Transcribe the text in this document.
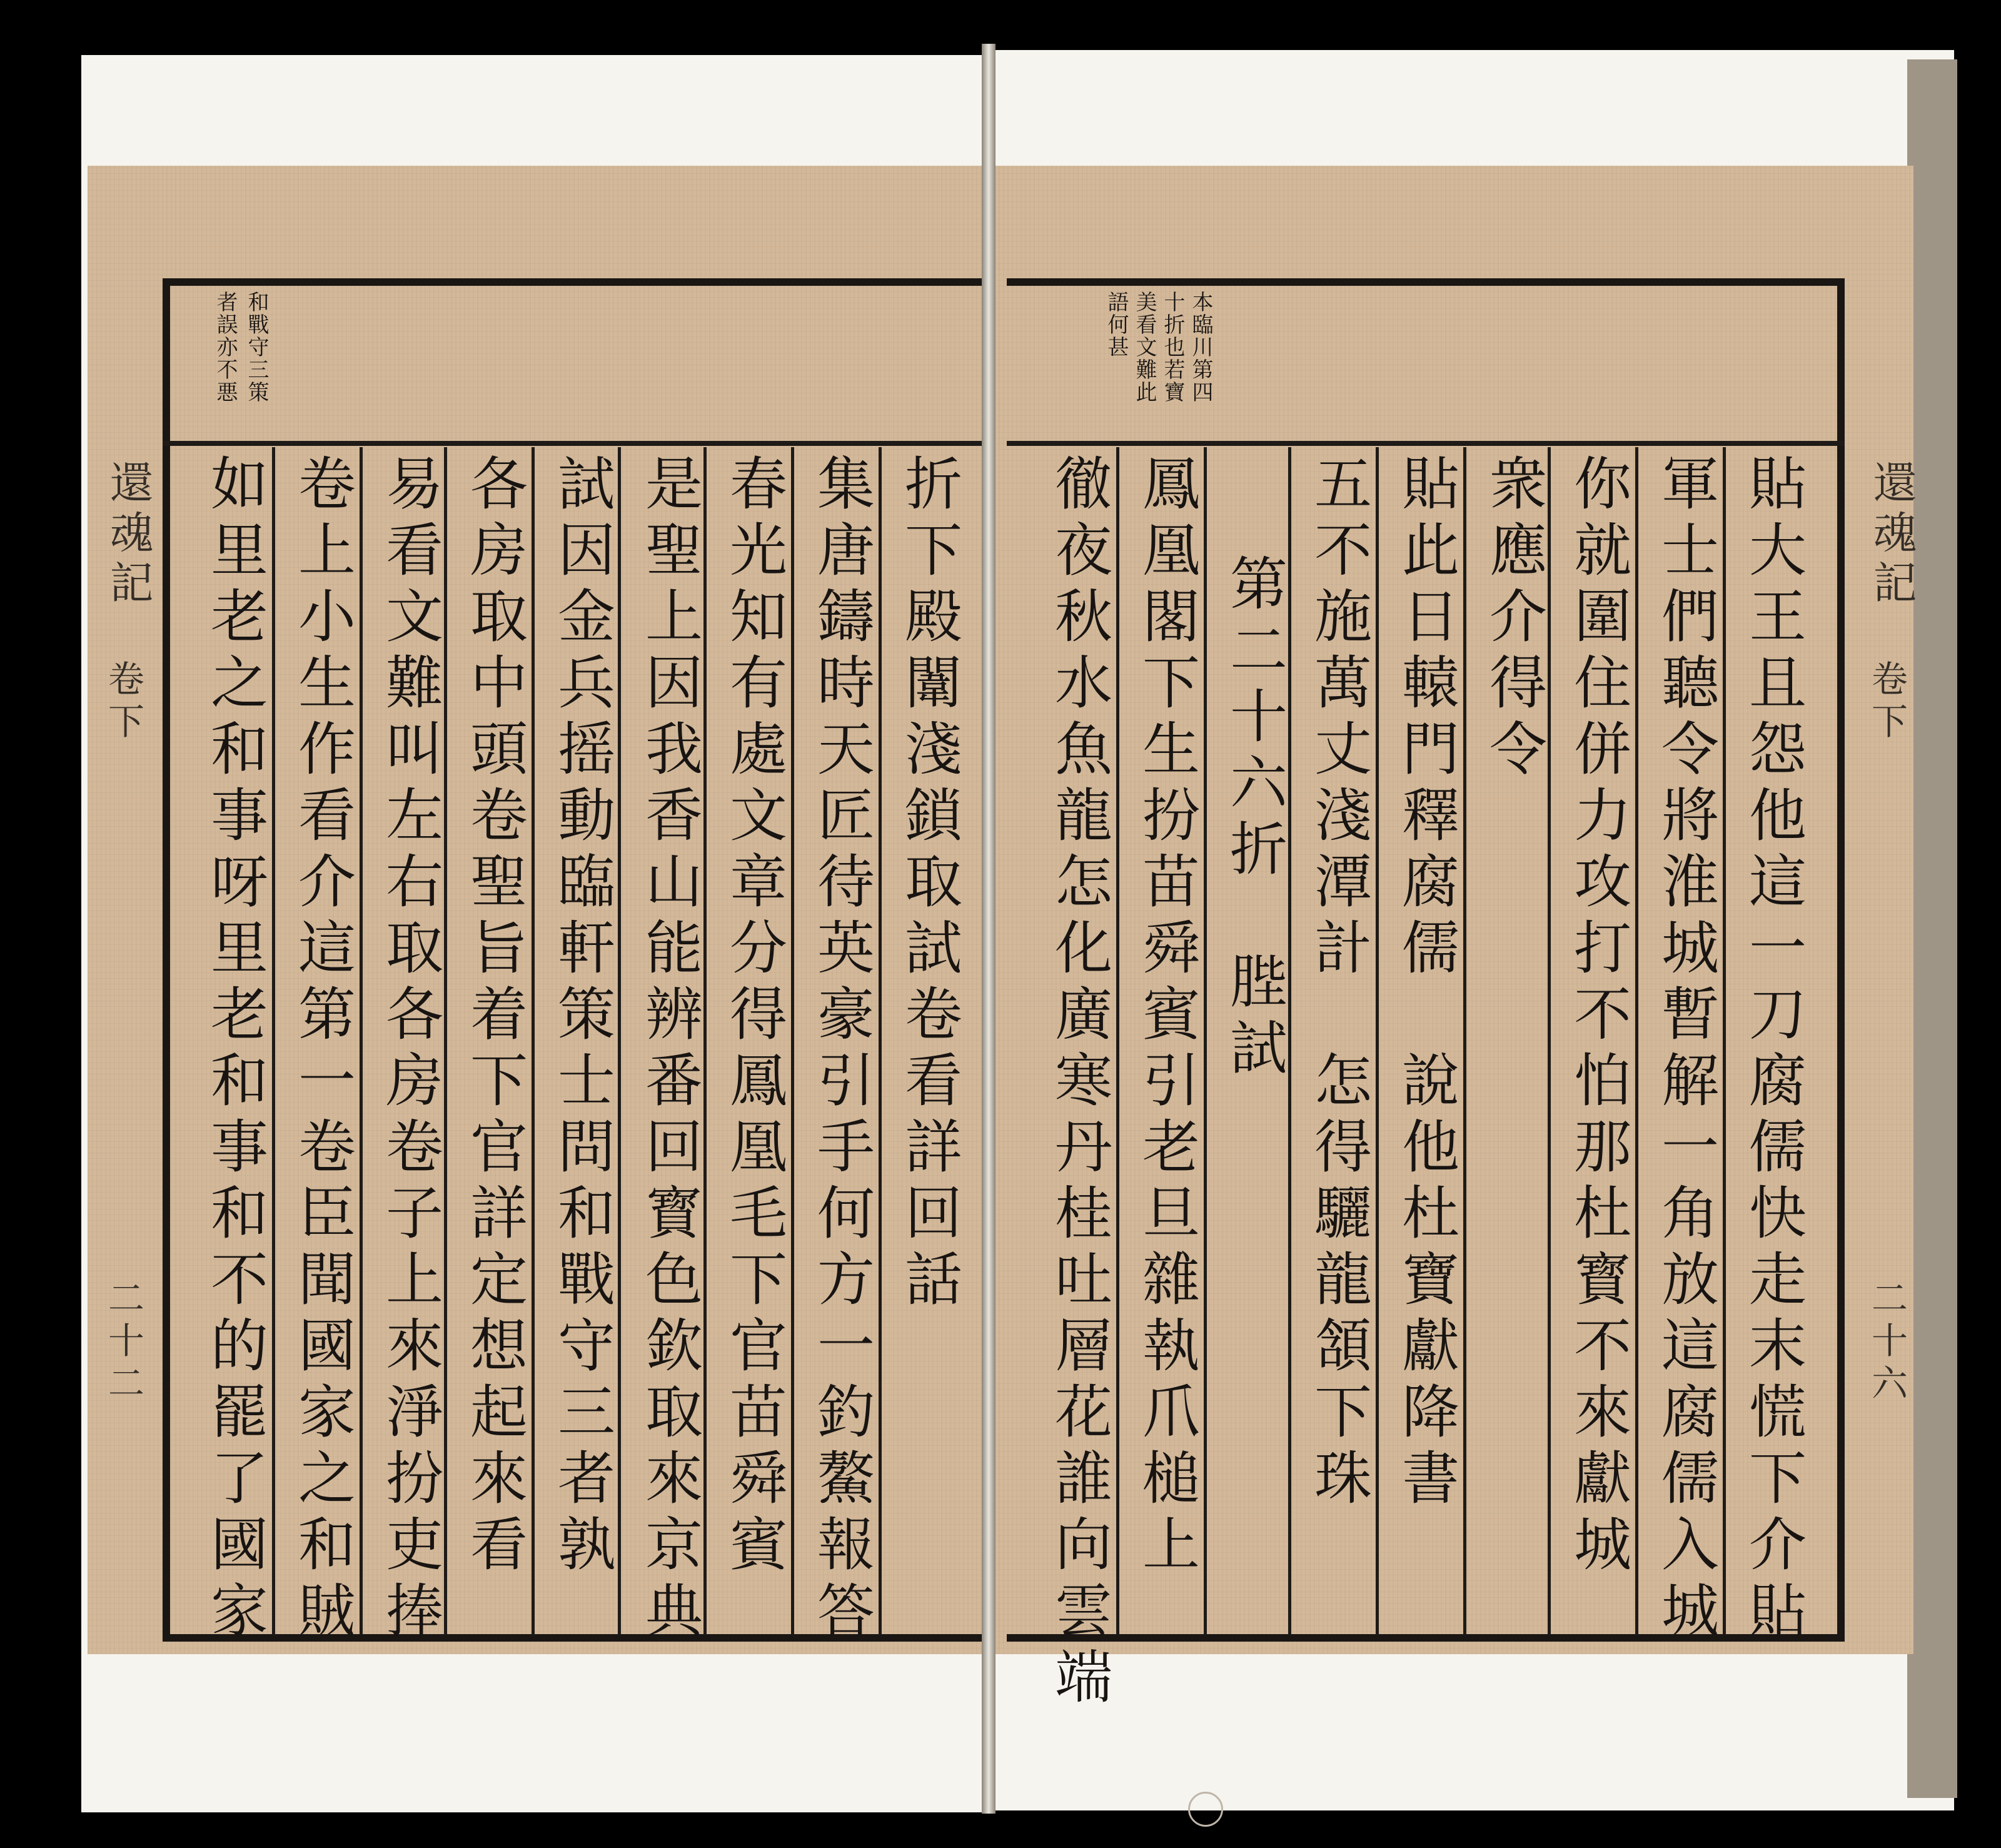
和戰守三策
者誤亦不悪
折下殿闈淺鎖取試卷看詳回話
集唐鑄時天匠待英豪引手何方一釣鰲報答
春光知有處文章分得鳳凰毛下官苗舜賓
是聖上因我香山能辨番回寳色欽取來京典
試因金兵摇動臨軒策士問和戰守三者孰
各房取中頭卷聖旨着下官詳定想起來看
易看文難叫左右取各房卷子上來淨扮吏捧
卷上小生作看介這第一卷臣聞國家之和賊
如里老之和事呀里老和事和不的罷了國家
還魂記
卷下
二十二
本臨川第四
十折也若寶
美看文難此
語何甚
貼大王且怨他這一刀腐儒快走末慌下介貼
軍士們聽令將淮城暫解一角放這腐儒入城
你就圍住併力攻打不怕那杜寳不來獻城
衆應介得令
貼此日轅門釋腐儒　說他杜寶獻降書
五不施萬丈淺潭計　怎得驪龍頷下珠
第二十六折　䏶試
鳳凰閣下生扮苗舜賓引老旦雜執爪槌上
徹夜秋水魚龍怎化廣寒丹桂吐層花誰向雲端	還魂記
卷下
二十六
